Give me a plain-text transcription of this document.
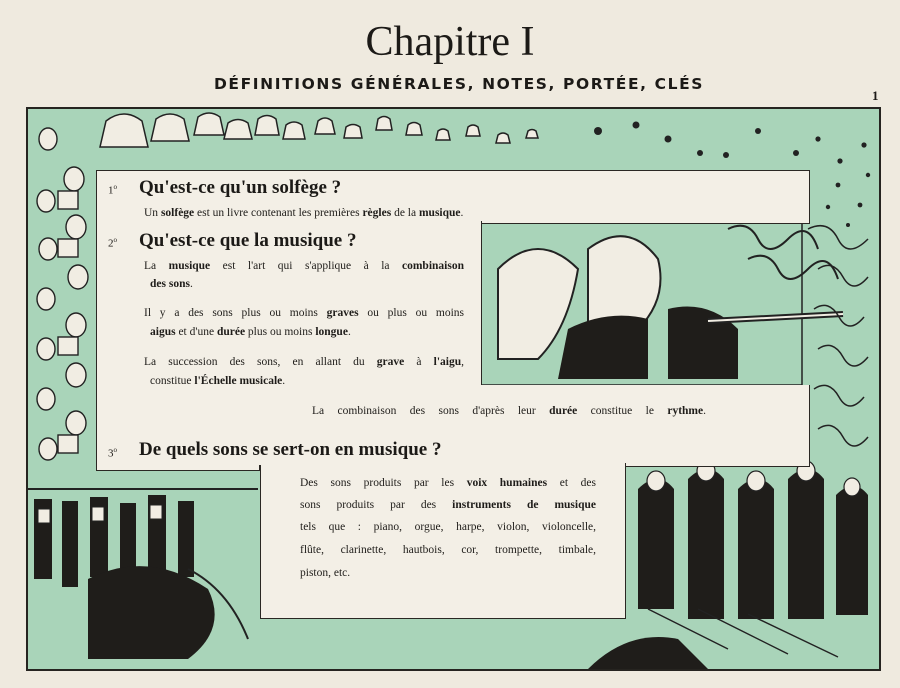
Chapitre I
DÉFINITIONS GÉNÉRALES, NOTES, PORTÉE, CLÉS
1
1$^o$ Qu'est-ce qu'un solfège ?
Un solfège est un livre contenant les premières règles de la musique.
2$^o$ Qu'est-ce que la musique ?
La musique est l'art qui s'applique à la combinaison
des sons.
Il y a des sons plus ou moins graves ou plus ou moins
aigus et d'une durée plus ou moins longue.
La succession des sons, en allant du grave à l'aigu,
constitue l'Échelle musicale.
La combinaison des sons d'après leur durée constitue le rythme.
3$^o$ De quels sons se sert-on en musique ?
Des sons produits par les voix humaines et des
sons produits par des instruments de musique
tels que : piano, orgue, harpe, violon, violoncelle,
flûte, clarinette, hautbois, cor, trompette, timbale,
piston, etc.
